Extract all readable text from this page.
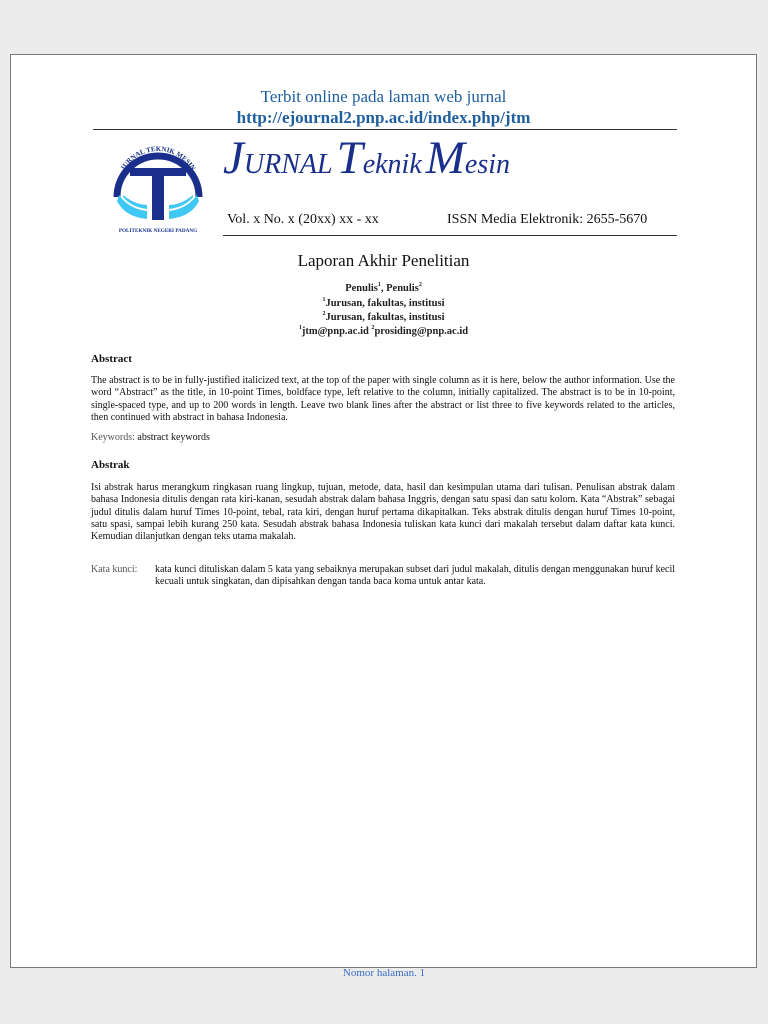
Terbit online pada laman web jurnal
http://ejournal2.pnp.ac.id/index.php/jtm
JURNAL TEKNIK MESIN
POLITEKNIK NEGERI PADANG
JURNAL Teknik Mesin
Vol. x No. x (20xx) xx - xx	ISSN Media Elektronik: 2655-5670
Laporan Akhir Penelitian
Penulis$^1$, Penulis$^2$
$^1$Jurusan, fakultas, institusi
$^2$Jurusan, fakultas, institusi
$^1$jtm@pnp.ac.id $^2$prosiding@pnp.ac.id
Abstract
The abstract is to be in fully-justified italicized text, at the top of the paper with single column as it is here, below the author information. Use the word “Abstract” as the title, in 10-point Times, boldface type, left relative to the column, initially capitalized. The abstract is to be in 10-point, single-spaced type, and up to 200 words in length. Leave two blank lines after the abstract or list three to five keywords related to the articles, then continued with abstract in bahasa Indonesia.
Keywords: abstract keywords
Abstrak
Isi abstrak harus merangkum ringkasan ruang lingkup, tujuan, metode, data, hasil dan kesimpulan utama dari tulisan. Penulisan abstrak dalam bahasa Indonesia ditulis dengan rata kiri-kanan, sesudah abstrak dalam bahasa Inggris, dengan satu spasi dan satu kolom. Kata “Abstrak” sebagai judul ditulis dalam huruf Times 10-point, tebal, rata kiri, dengan huruf pertama dikapitalkan. Teks abstrak ditulis dengan huruf Times 10-point, satu spasi, sampai lebih kurang 250 kata. Sesudah abstrak bahasa Indonesia tuliskan kata kunci dari makalah tersebut dalam daftar kata kunci. Kemudian dilanjutkan dengan teks utama makalah.
Kata kunci: kata kunci dituliskan dalam 5 kata yang sebaiknya merupakan subset dari judul makalah, ditulis dengan menggunakan huruf kecil kecuali untuk singkatan, dan dipisahkan dengan tanda baca koma untuk antar kata.
Nomor halaman. 1
